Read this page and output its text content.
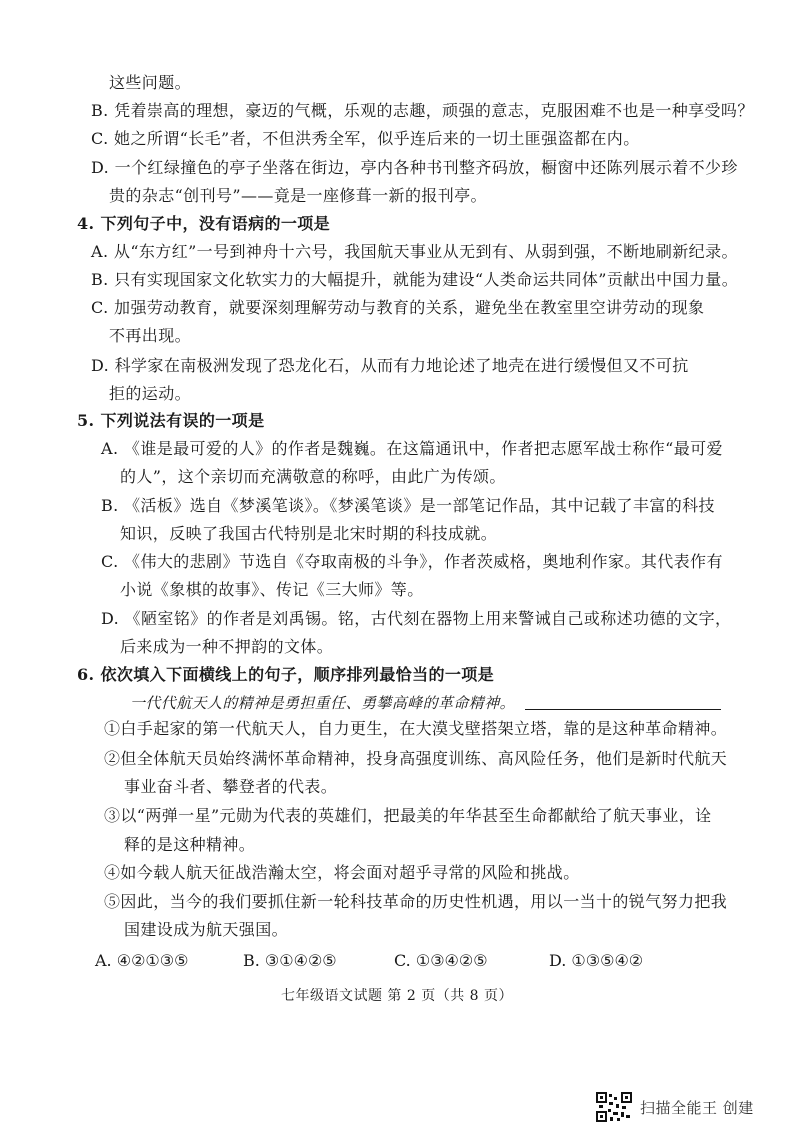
这些问题。
B. 凭着崇高的理想，豪迈的气概，乐观的志趣，顽强的意志，克服困难不也是一种享受吗？
C. 她之所谓“长毛”者，不但洪秀全军，似乎连后来的一切土匪强盗都在内。
D. 一个红绿撞色的亭子坐落在街边，亭内各种书刊整齐码放，橱窗中还陈列展示着不少珍
贵的杂志“创刊号”——竟是一座修葺一新的报刊亭。
4. 下列句子中，没有语病的一项是
A. 从“东方红”一号到神舟十六号，我国航天事业从无到有、从弱到强，不断地刷新纪录。
B. 只有实现国家文化软实力的大幅提升，就能为建设“人类命运共同体”贡献出中国力量。
C. 加强劳动教育，就要深刻理解劳动与教育的关系，避免坐在教室里空讲劳动的现象
不再出现。
D. 科学家在南极洲发现了恐龙化石，从而有力地论述了地壳在进行缓慢但又不可抗
拒的运动。
5. 下列说法有误的一项是
A. 《谁是最可爱的人》的作者是魏巍。在这篇通讯中，作者把志愿军战士称作“最可爱
的人”，这个亲切而充满敬意的称呼，由此广为传颂。
B. 《活板》选自《梦溪笔谈》。《梦溪笔谈》是一部笔记作品，其中记载了丰富的科技
知识，反映了我国古代特别是北宋时期的科技成就。
C. 《伟大的悲剧》节选自《夺取南极的斗争》，作者茨威格，奥地利作家。其代表作有
小说《象棋的故事》、传记《三大师》等。
D. 《陋室铭》的作者是刘禹锡。铭，古代刻在器物上用来警诫自己或称述功德的文字，
后来成为一种不押韵的文体。
6. 依次填入下面横线上的句子，顺序排列最恰当的一项是
一代代航天人的精神是勇担重任、勇攀高峰的革命精神。
①白手起家的第一代航天人，自力更生，在大漠戈壁搭架立塔，靠的是这种革命精神。
②但全体航天员始终满怀革命精神，投身高强度训练、高风险任务，他们是新时代航天
事业奋斗者、攀登者的代表。
③以“两弹一星”元勋为代表的英雄们，把最美的年华甚至生命都献给了航天事业，诠
释的是这种精神。
④如今载人航天征战浩瀚太空，将会面对超乎寻常的风险和挑战。
⑤因此，当今的我们要抓住新一轮科技革命的历史性机遇，用以一当十的锐气努力把我
国建设成为航天强国。
A. ④②①③⑤	B. ③①④②⑤	C. ①③④②⑤	D. ①③⑤④②
七年级语文试题 第 2 页（共 8 页）
扫描全能王 创建
